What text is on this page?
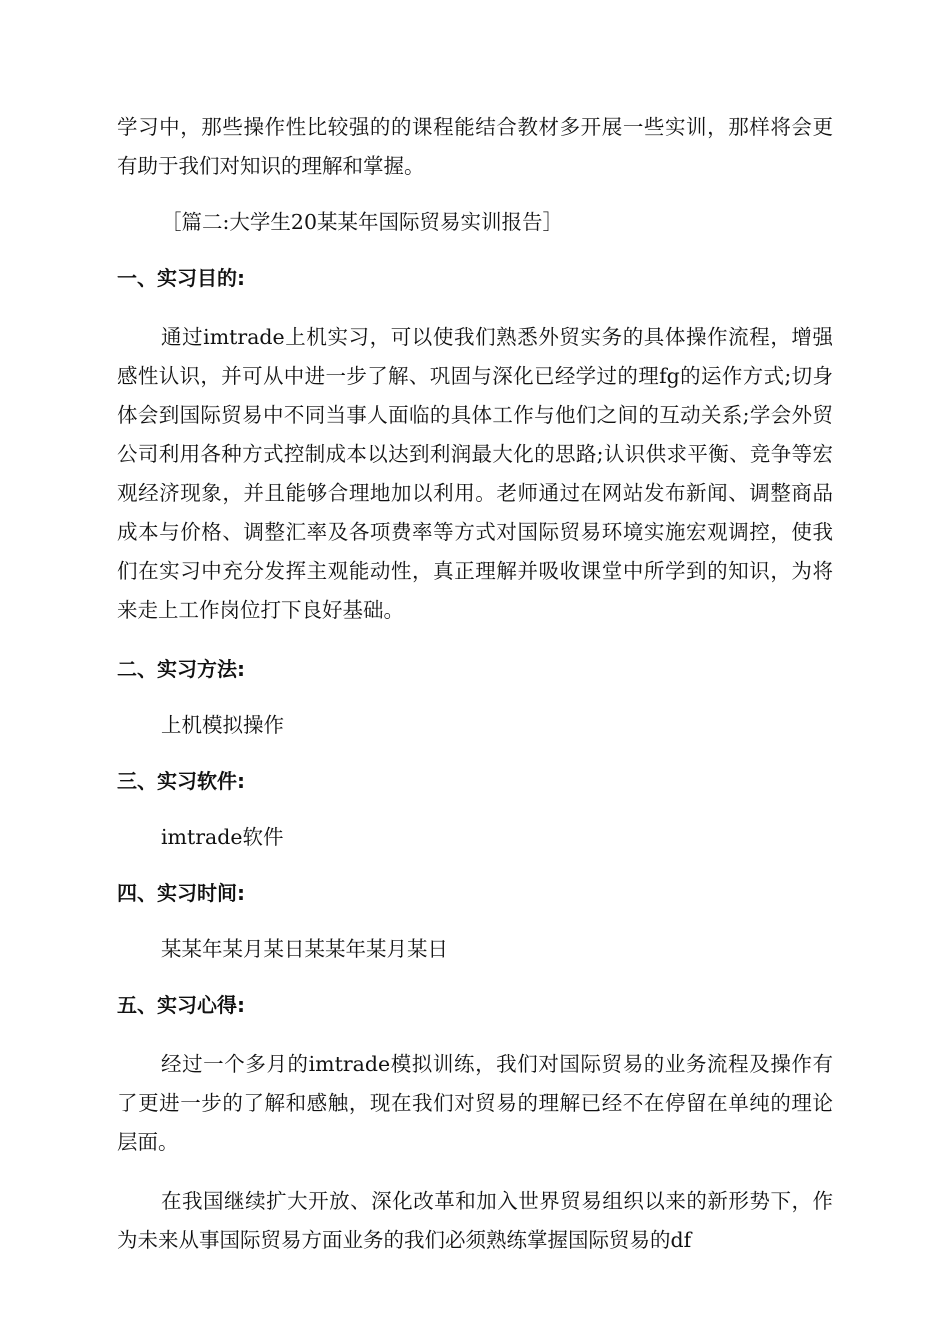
学习中，那些操作性比较强的的课程能结合教材多开展一些实训，那样将会更有助于我们对知识的理解和掌握。

［篇二:大学生20某某年国际贸易实训报告］

一、实习目的:

通过imtrade上机实习，可以使我们熟悉外贸实务的具体操作流程，增强感性认识，并可从中进一步了解、巩固与深化已经学过的理fg的运作方式;切身体会到国际贸易中不同当事人面临的具体工作与他们之间的互动关系;学会外贸公司利用各种方式控制成本以达到利润最大化的思路;认识供求平衡、竞争等宏观经济现象，并且能够合理地加以利用。老师通过在网站发布新闻、调整商品成本与价格、调整汇率及各项费率等方式对国际贸易环境实施宏观调控，使我们在实习中充分发挥主观能动性，真正理解并吸收课堂中所学到的知识，为将来走上工作岗位打下良好基础。

二、实习方法:

上机模拟操作

三、实习软件:

imtrade软件

四、实习时间:

某某年某月某日某某年某月某日

五、实习心得:

经过一个多月的imtrade模拟训练，我们对国际贸易的业务流程及操作有了更进一步的了解和感触，现在我们对贸易的理解已经不在停留在单纯的理论层面。

在我国继续扩大开放、深化改革和加入世界贸易组织以来的新形势下，作为未来从事国际贸易方面业务的我们必须熟练掌握国际贸易的df
